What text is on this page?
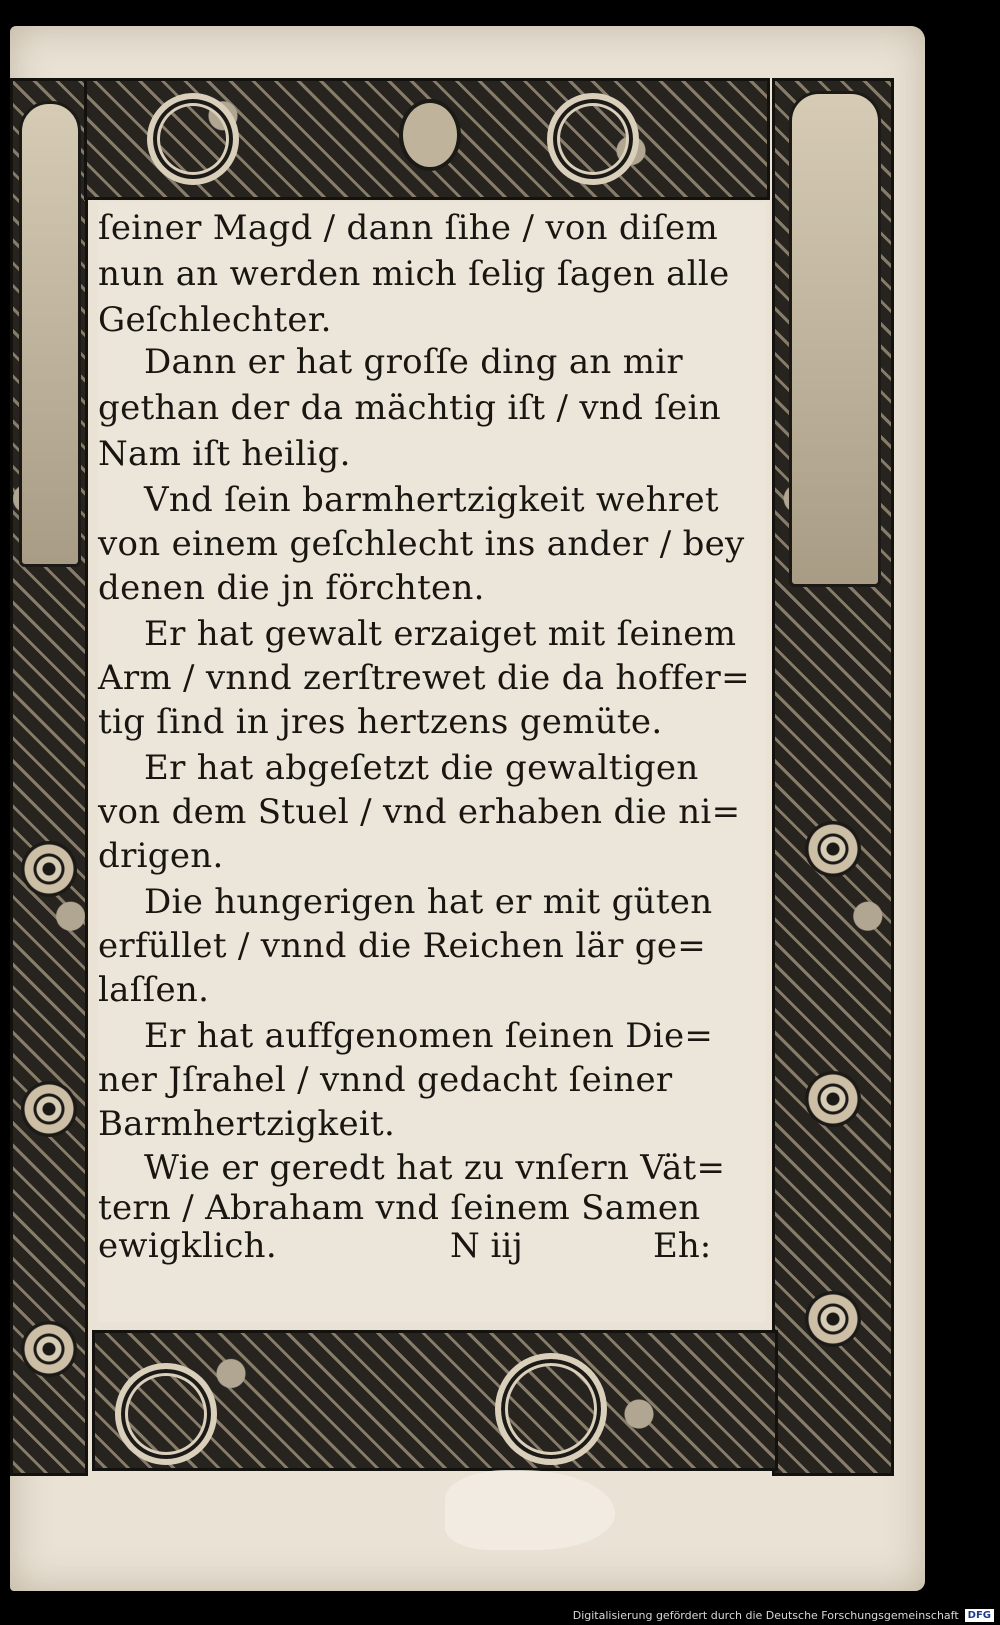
ſeiner Magd / dann ſihe / von diſem
nun an werden mich ſelig ſagen alle
Geſchlechter.
Dann er hat groſſe ding an mir
gethan der da mächtig iſt / vnd ſein
Nam iſt heilig.
Vnd ſein barmhertzigkeit wehret
von einem geſchlecht ins ander / bey
denen die jn förchten.
Er hat gewalt erzaiget mit ſeinem
Arm / vnnd zerſtrewet die da hoffer=
tig ſind in jres hertzens gemüte.
Er hat abgeſetzt die gewaltigen
von dem Stuel / vnd erhaben die ni=
drigen.
Die hungerigen hat er mit güten
erfüllet / vnnd die Reichen lär ge=
laſſen.
Er hat auffgenomen ſeinen Die=
ner Jſrahel / vnnd gedacht ſeiner
Barmhertzigkeit.
Wie er geredt hat zu vnſern Vät=
tern / Abraham vnd ſeinem Samen
ewigklich.	N iij	Eh:
Digitalisierung gefördert durch die Deutsche Forschungsgemeinschaft DFG
